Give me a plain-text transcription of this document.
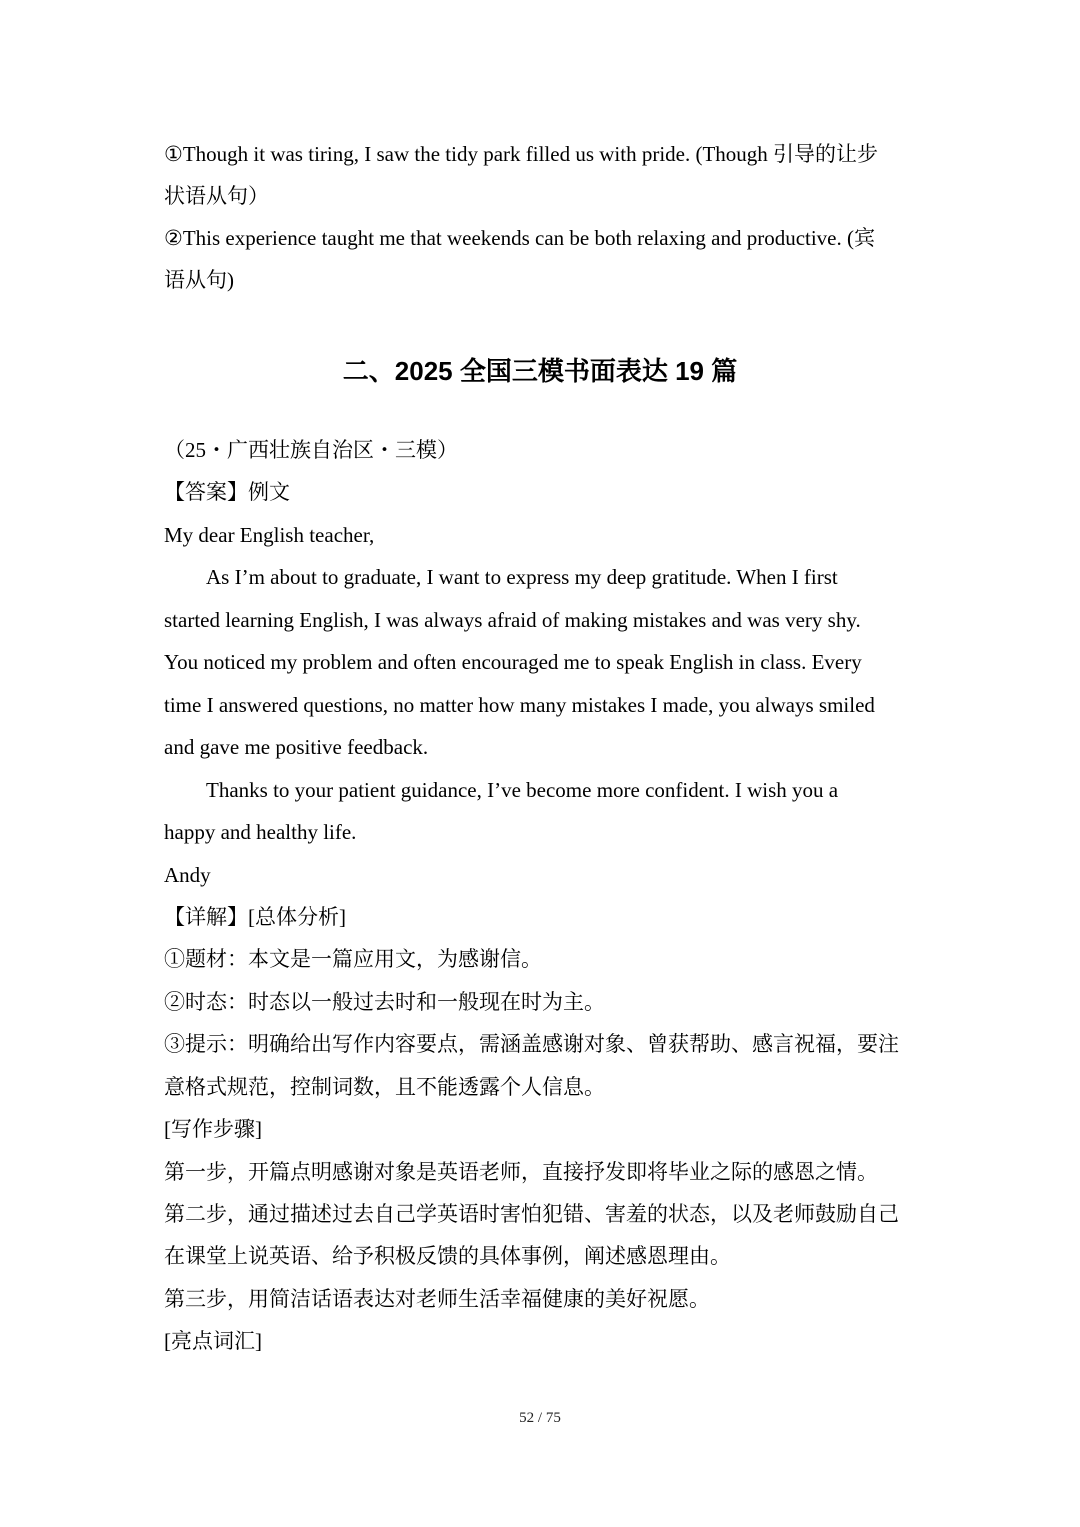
①Though it was tiring, I saw the tidy park filled us with pride. (Though 引导的让步
状语从句）
②This experience taught me that weekends can be both relaxing and productive. (宾
语从句)
二、2025 全国三模书面表达 19 篇
（25・广西壮族自治区・三模）
【答案】例文
My dear English teacher,
As I’m about to graduate, I want to express my deep gratitude. When I first
started learning English, I was always afraid of making mistakes and was very shy.
You noticed my problem and often encouraged me to speak English in class. Every
time I answered questions, no matter how many mistakes I made, you always smiled
and gave me positive feedback.
Thanks to your patient guidance, I’ve become more confident. I wish you a
happy and healthy life.
Andy
【详解】[总体分析]
①题材：本文是一篇应用文，为感谢信。
②时态：时态以一般过去时和一般现在时为主。
③提示：明确给出写作内容要点，需涵盖感谢对象、曾获帮助、感言祝福，要注
意格式规范，控制词数，且不能透露个人信息。
[写作步骤]
第一步，开篇点明感谢对象是英语老师，直接抒发即将毕业之际的感恩之情。
第二步，通过描述过去自己学英语时害怕犯错、害羞的状态，以及老师鼓励自己
在课堂上说英语、给予积极反馈的具体事例，阐述感恩理由。
第三步，用简洁话语表达对老师生活幸福健康的美好祝愿。
[亮点词汇]
52 / 75
